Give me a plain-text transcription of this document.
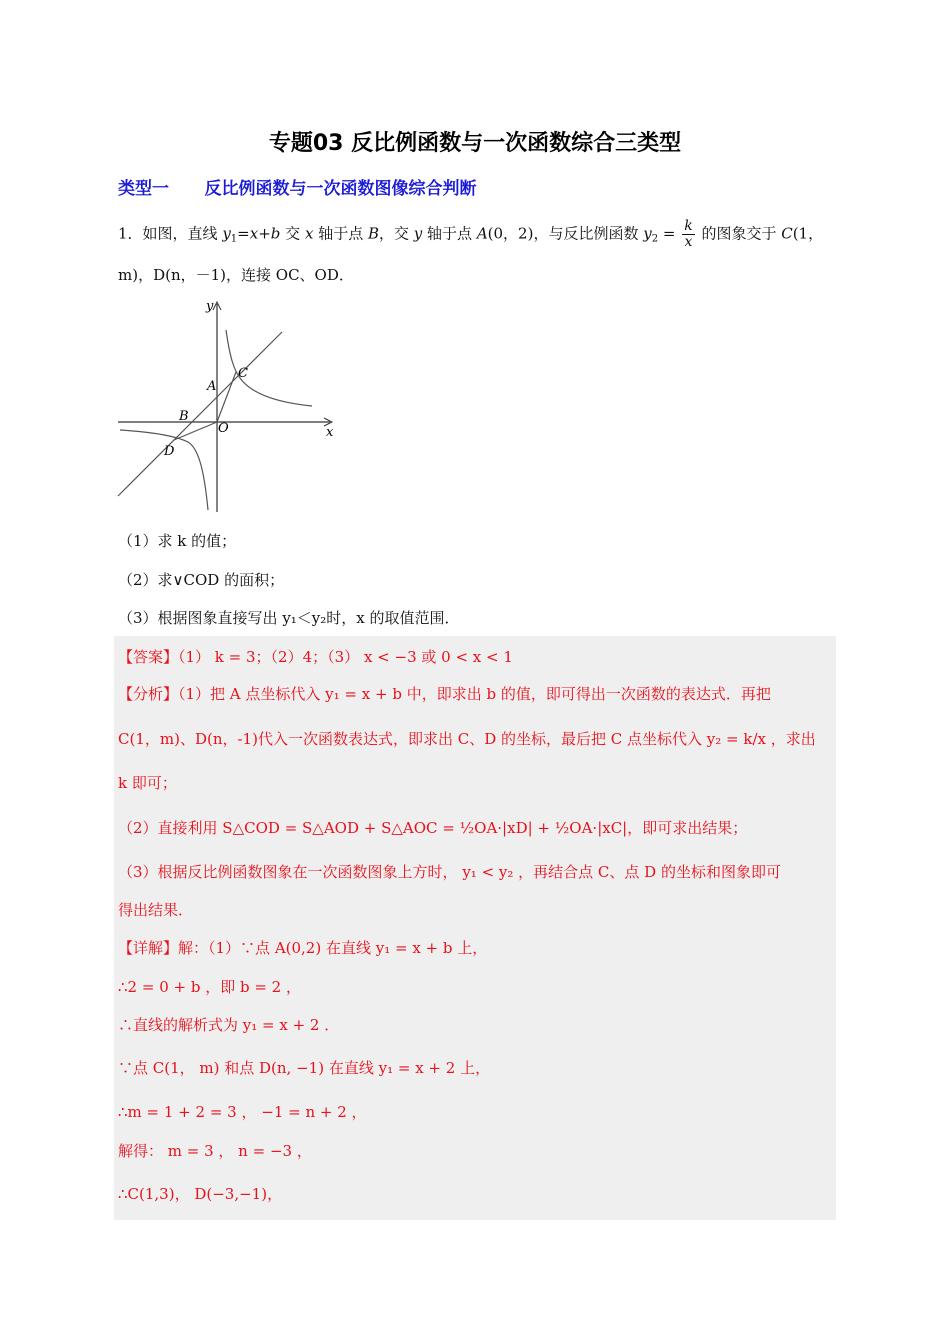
专题03 反比例函数与一次函数综合三类型
类型一      反比例函数与一次函数图像综合判断
1．如图，直线 $y_1=x+b$ 交 x 轴于点 B，交 y 轴于点 A(0，2)，与反比例函数 $y_2 = \frac{k}{x}$ 的图象交于 C(1，
m)，D(n，－1)，连接 OC、OD．
y
x
A
B
C
D
O
（1）求 k 的值；
（2）求∨COD 的面积；
（3）根据图象直接写出 y₁＜y₂时，x 的取值范围．
【答案】（1） k = 3；（2）4；（3） x < −3 或 0 < x < 1
【分析】（1）把 A 点坐标代入 y₁ = x + b 中，即求出 b 的值，即可得出一次函数的表达式．再把
C(1，m)、D(n，-1)代入一次函数表达式，即求出 C、D 的坐标，最后把 C 点坐标代入 y₂ = k/x ，求出
k 即可；
（2）直接利用 S△COD = S△AOD + S△AOC = ½OA·|xD| + ½OA·|xC|，即可求出结果；
（3）根据反比例函数图象在一次函数图象上方时， y₁ < y₂ ，再结合点 C、点 D 的坐标和图象即可
得出结果．
【详解】解：（1）∵点 A(0,2) 在直线 y₁ = x + b 上，
∴2 = 0 + b ，即 b = 2 ，
∴直线的解析式为 y₁ = x + 2 ．
∵点 C(1， m) 和点 D(n, −1) 在直线 y₁ = x + 2 上，
∴m = 1 + 2 = 3 ， −1 = n + 2 ，
解得： m = 3 ， n = −3 ，
∴C(1,3)， D(−3,−1)，
